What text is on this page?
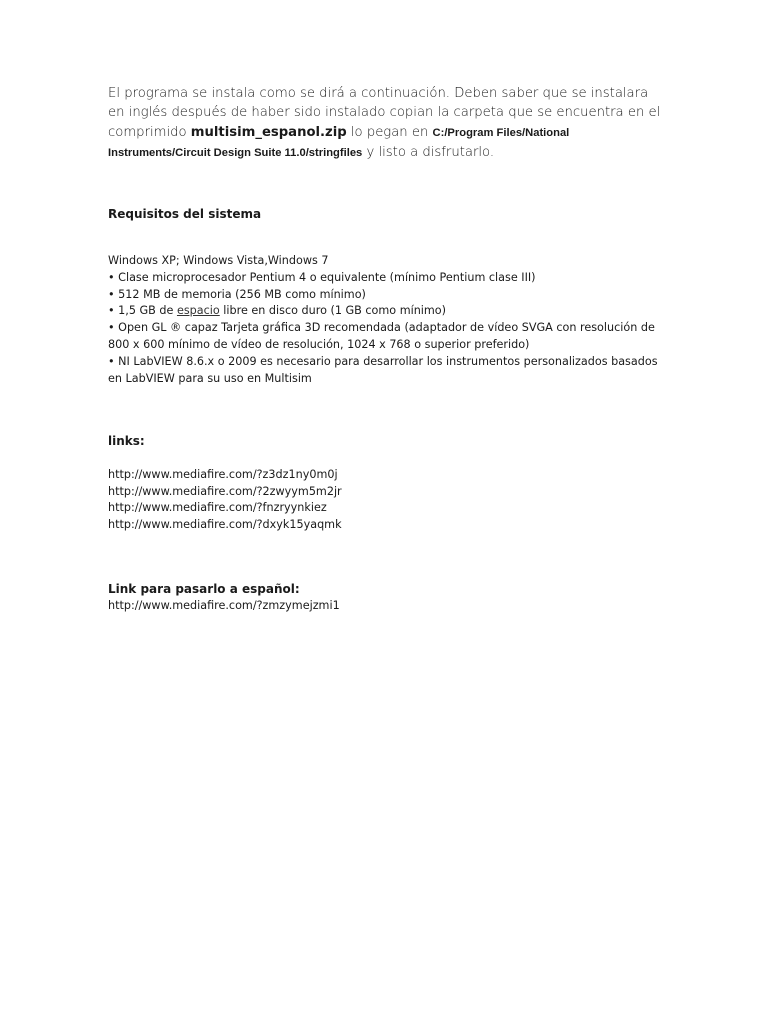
El programa se instala como se dirá a continuación. Deben saber que se instalara en inglés después de haber sido instalado copian la carpeta que se encuentra en el comprimido multisim_espanol.zip lo pegan en C:/Program Files/National Instruments/Circuit Design Suite 11.0/stringfiles y listo a disfrutarlo.

Requisitos del sistema
Windows XP; Windows Vista,Windows 7
• Clase microprocesador Pentium 4 o equivalente (mínimo Pentium clase III)
• 512 MB de memoria (256 MB como mínimo)
• 1,5 GB de espacio libre en disco duro (1 GB como mínimo)
• Open GL ® capaz Tarjeta gráfica 3D recomendada (adaptador de vídeo SVGA con resolución de 800 x 600 mínimo de vídeo de resolución, 1024 x 768 o superior preferido)
• NI LabVIEW 8.6.x o 2009 es necesario para desarrollar los instrumentos personalizados basados en LabVIEW para su uso en Multisim
links:
http://www.mediafire.com/?z3dz1ny0m0j
http://www.mediafire.com/?2zwyym5m2jr
http://www.mediafire.com/?fnzryynkiez
http://www.mediafire.com/?dxyk15yaqmk
Link para pasarlo a español:
http://www.mediafire.com/?zmzymejzmi1
